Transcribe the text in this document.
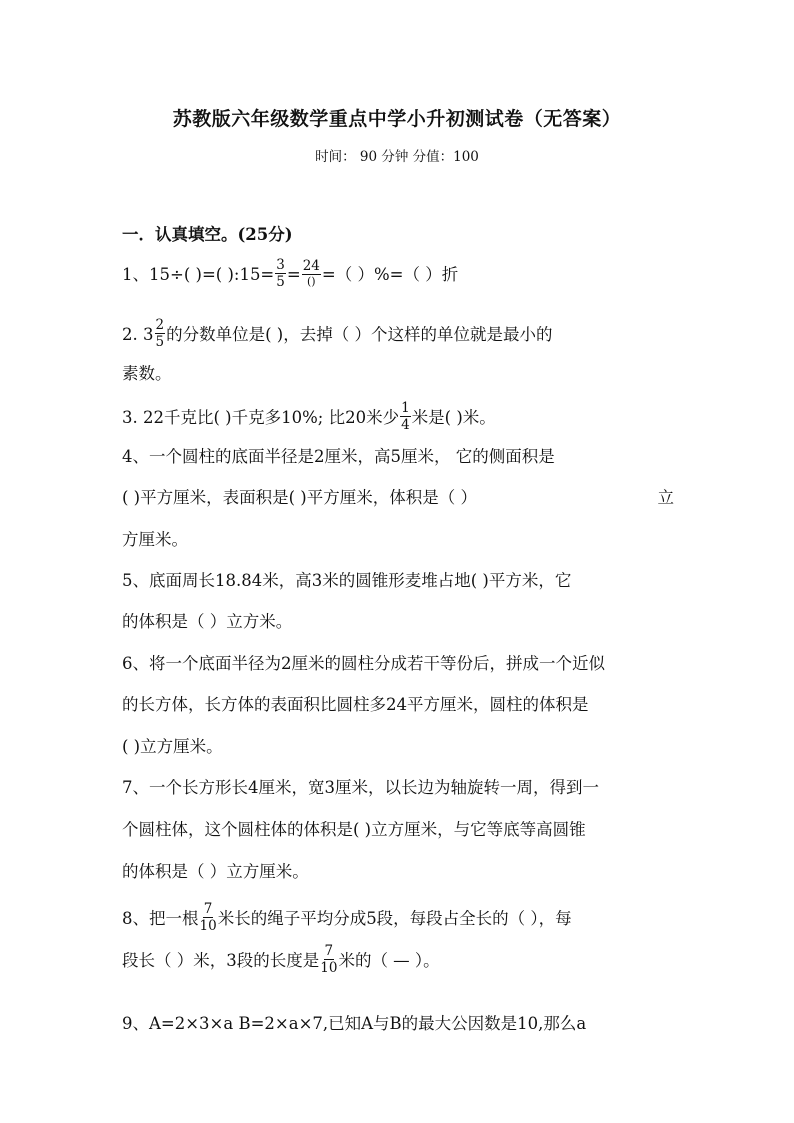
苏教版六年级数学重点中学小升初测试卷（无答案）
时间： 90 分钟 分值：100
一．认真填空。(25分)
1、15÷( )=( ):15= $\frac{3}{5} = \frac{24}{()}$ =（ ）%=（ ）折
2. $3 \frac{2}{5}$ 的分数单位是( )，去掉（ ）个这样的单位就是最小的
素数。
3. 22千克比( )千克多10%; 比20米少 $\frac{1}{4}$ 米是( )米。
4、一个圆柱的底面半径是2厘米，高5厘米， 它的侧面积是
( )平方厘米，表面积是( )平方厘米，体积是（ ）	立
方厘米。
5、底面周长18.84米，高3米的圆锥形麦堆占地( )平方米，它
的体积是（ ）立方米。
6、将一个底面半径为2厘米的圆柱分成若干等份后，拼成一个近似
的长方体，长方体的表面积比圆柱多24平方厘米，圆柱的体积是
( )立方厘米。
7、一个长方形长4厘米，宽3厘米，以长边为轴旋转一周，得到一
个圆柱体，这个圆柱体的体积是( )立方厘米，与它等底等高圆锥
的体积是（ ）立方厘米。
8、把一根 $\frac{7}{10}$ 米长的绳子平均分成5段，每段占全长的（ ），每
段长（ ）米，3段的长度是 $\frac{7}{10}$ 米的（ — ）。
9、A=2×3×a B=2×a×7,已知A与B的最大公因数是10,那么a
